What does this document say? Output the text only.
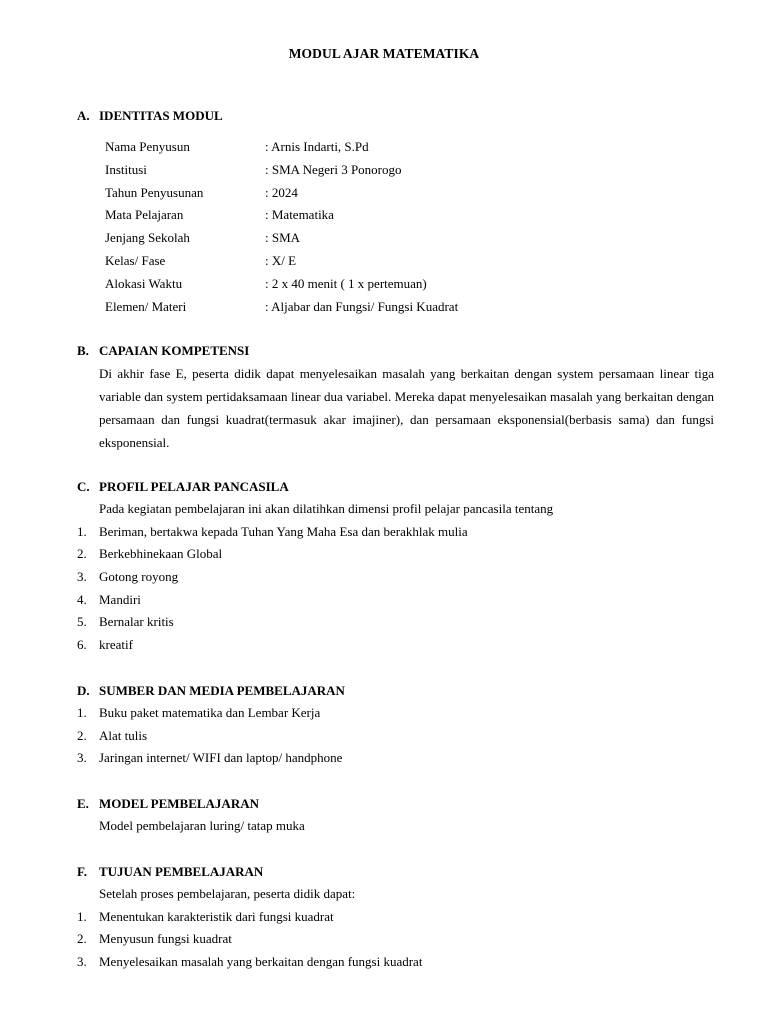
MODUL AJAR MATEMATIKA
A. IDENTITAS MODUL
Nama Penyusun	: Arnis Indarti, S.Pd
Institusi	: SMA Negeri 3 Ponorogo
Tahun Penyusunan	: 2024
Mata Pelajaran	: Matematika
Jenjang Sekolah	: SMA
Kelas/ Fase	: X/ E
Alokasi Waktu	: 2 x 40 menit ( 1 x pertemuan)
Elemen/ Materi	: Aljabar dan Fungsi/ Fungsi Kuadrat
B. CAPAIAN KOMPETENSI
Di akhir fase E, peserta didik dapat menyelesaikan masalah yang berkaitan dengan system persamaan linear tiga variable dan system pertidaksamaan linear dua variabel. Mereka dapat menyelesaikan masalah yang berkaitan dengan persamaan dan fungsi kuadrat(termasuk akar imajiner), dan persamaan eksponensial(berbasis sama) dan fungsi eksponensial.
C. PROFIL PELAJAR PANCASILA
Pada kegiatan pembelajaran ini akan dilatihkan dimensi profil pelajar pancasila tentang
1. Beriman, bertakwa kepada Tuhan Yang Maha Esa dan berakhlak mulia
2. Berkebhinekaan Global
3. Gotong royong
4. Mandiri
5. Bernalar kritis
6. kreatif
D. SUMBER DAN MEDIA PEMBELAJARAN
1. Buku paket matematika dan Lembar Kerja
2. Alat tulis
3. Jaringan internet/ WIFI dan laptop/ handphone
E. MODEL PEMBELAJARAN
Model pembelajaran luring/ tatap muka
F. TUJUAN PEMBELAJARAN
Setelah proses pembelajaran, peserta didik dapat:
1. Menentukan karakteristik dari fungsi kuadrat
2. Menyusun fungsi kuadrat
3. Menyelesaikan masalah yang berkaitan dengan fungsi kuadrat
